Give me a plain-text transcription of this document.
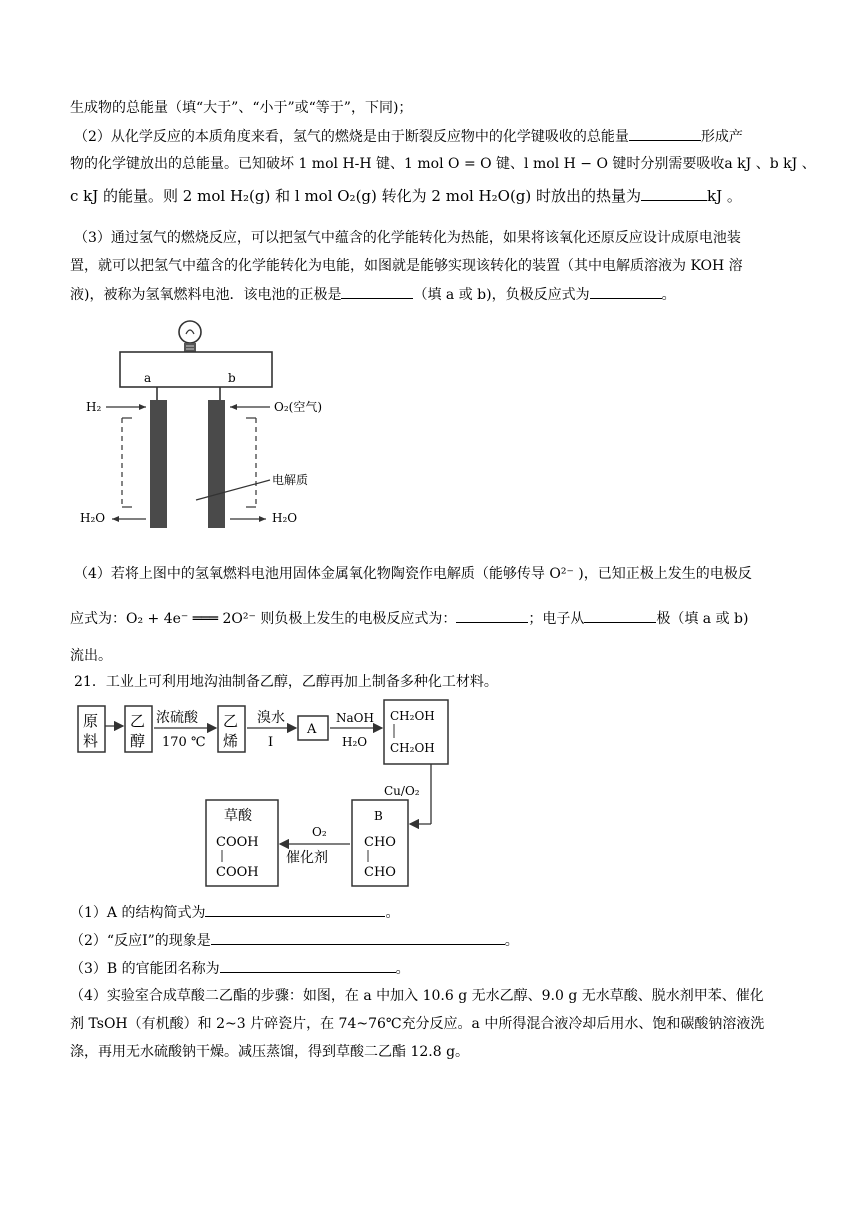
生成物的总能量（填“大于”、“小于”或“等于”，下同)；
（2）从化学反应的本质角度来看，氢气的燃烧是由于断裂反应物中的化学键吸收的总能量	形成产
物的化学键放出的总能量。已知破坏 1 mol H-H 键、1 mol O = O 键、l mol H − O 键时分别需要吸收a kJ 、b kJ 、
c kJ 的能量。则 2 mol H₂(g) 和 l mol O₂(g) 转化为 2 mol H₂O(g) 时放出的热量为	kJ 。
（3）通过氢气的燃烧反应，可以把氢气中蕴含的化学能转化为热能，如果将该氧化还原反应设计成原电池装
置，就可以把氢气中蕴含的化学能转化为电能，如图就是能够实现该转化的装置（其中电解质溶液为 KOH 溶
液)，被称为氢氧燃料电池．该电池的正极是	（填 a 或 b)，负极反应式为	。
a	b
H₂
H₂O
O₂(空气)
H₂O
电解质
（4）若将上图中的氢氧燃料电池用固体金属氧化物陶瓷作电解质（能够传导 O²⁻ )，已知正极上发生的电极反
应式为：O₂ + 4e⁻ ═══ 2O²⁻ 则负极上发生的电极反应式为：	；电子从	极（填 a 或 b)
流出。
21．工业上可利用地沟油制备乙醇，乙醇再加上制备多种化工材料。
原
料
乙
醇
浓硫酸
170 ℃
乙
烯
溴水
Ⅰ
A
NaOH
H₂O
CH₂OH
CH₂OH
Cu/O₂
B
CHO
CHO
O₂
催化剂
草酸
COOH
COOH
（1）A 的结构简式为	。
（2）“反应Ⅰ”的现象是	。
（3）B 的官能团名称为	。
（4）实验室合成草酸二乙酯的步骤：如图，在 a 中加入 10.6 g 无水乙醇、9.0 g 无水草酸、脱水剂甲苯、催化
剂 TsOH（有机酸）和 2~3 片碎瓷片，在 74~76℃充分反应。a 中所得混合液冷却后用水、饱和碳酸钠溶液洗
涤，再用无水硫酸钠干燥。减压蒸馏，得到草酸二乙酯 12.8 g。
